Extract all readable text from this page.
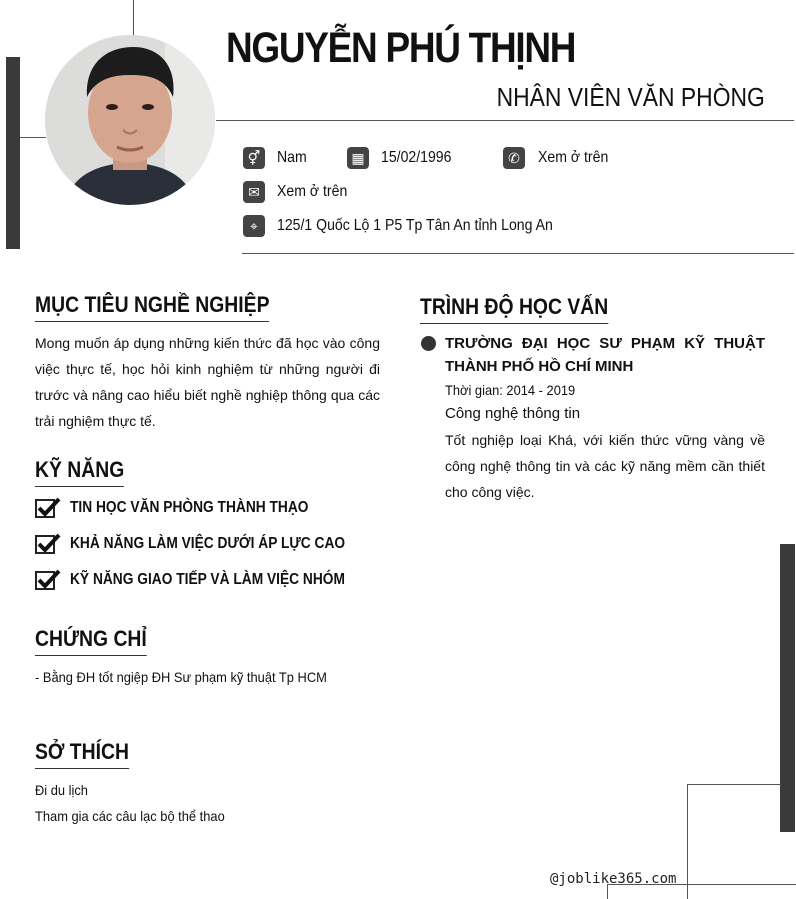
NGUYỄN PHÚ THỊNH
NHÂN VIÊN VĂN PHÒNG
⚥ Nam	▦ 15/02/1996	✆	Xem ở trên
✉	Xem ở trên
⌖	125/1 Quốc Lộ 1 P5 Tp Tân An tỉnh Long An
MỤC TIÊU NGHỀ NGHIỆP
Mong muốn áp dụng những kiến thức đã học vào công việc thực tế, học hỏi kinh nghiệm từ những người đi trước và nâng cao hiểu biết nghề nghiệp thông qua các trải nghiệm thực tế.
KỸ NĂNG
TIN HỌC VĂN PHÒNG THÀNH THẠO
KHẢ NĂNG LÀM VIỆC DƯỚI ÁP LỰC CAO
KỸ NĂNG GIAO TIẾP VÀ LÀM VIỆC NHÓM
CHỨNG CHỈ
- Bằng ĐH tốt ngiệp ĐH Sư phạm kỹ thuật Tp HCM
SỞ THÍCH
Đi du lịch
Tham gia các câu lạc bộ thể thao
TRÌNH ĐỘ HỌC VẤN
TRƯỜNG ĐẠI HỌC SƯ PHẠM KỸ THUẬT THÀNH PHỐ HỒ CHÍ MINH
Thời gian: 2014 - 2019
Công nghệ thông tin
Tốt nghiệp loại Khá, với kiến thức vững vàng về công nghệ thông tin và các kỹ năng mềm cần thiết cho công việc.
@joblike365.com
